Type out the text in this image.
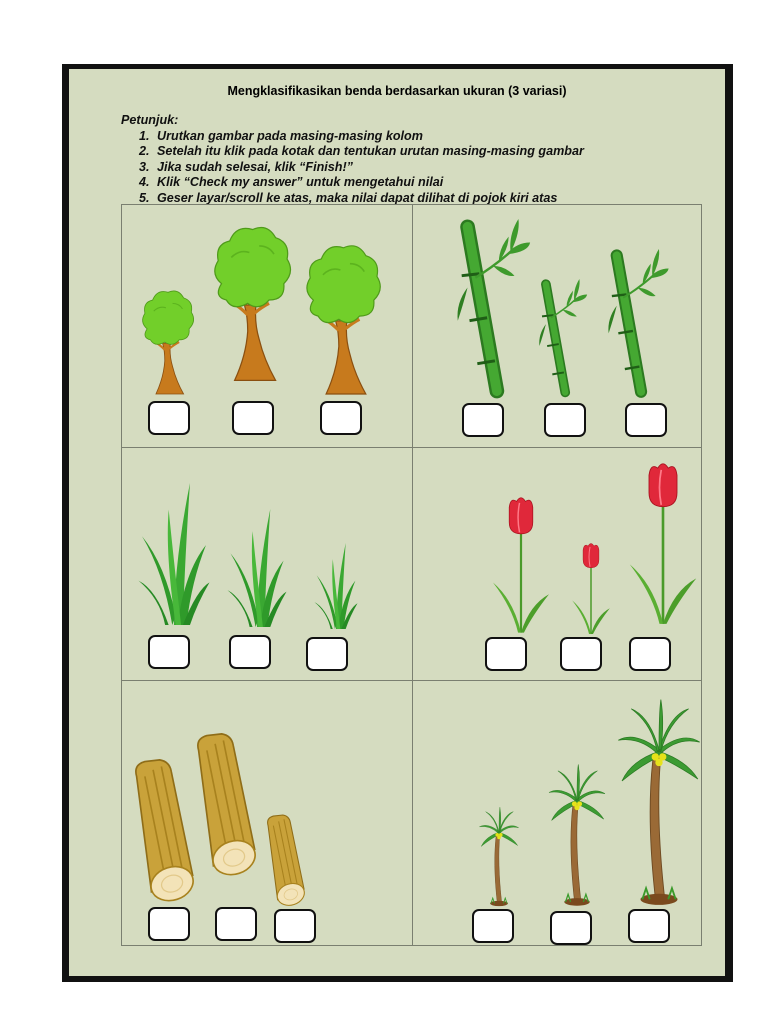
Mengklasifikasikan benda berdasarkan ukuran (3 variasi)
Petunjuk:
1. Urutkan gambar pada masing-masing kolom
2. Setelah itu klik pada kotak dan tentukan urutan masing-masing gambar
3. Jika sudah selesai, klik “Finish!”
4. Klik “Check my answer” untuk mengetahui nilai
5. Geser layar/scroll ke atas, maka nilai dapat dilihat di pojok kiri atas
